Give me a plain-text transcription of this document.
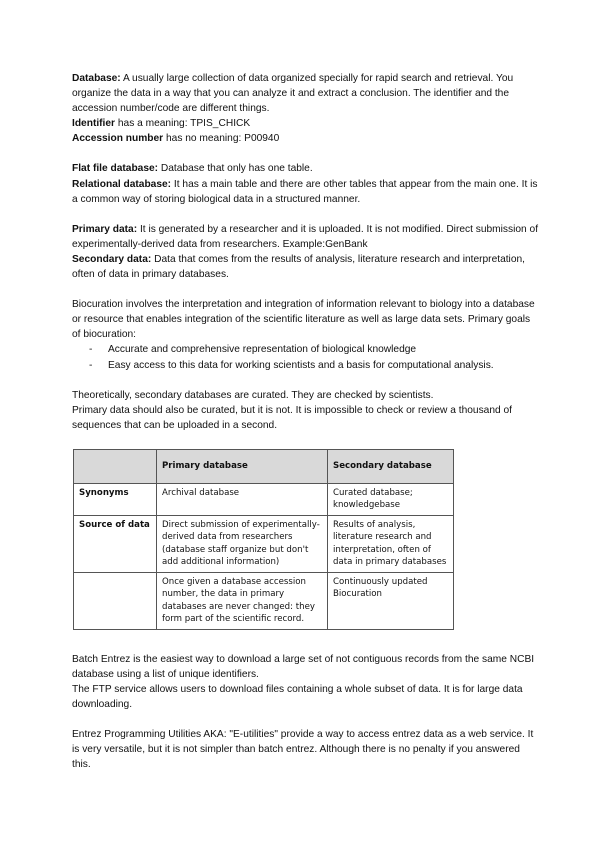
Database: A usually large collection of data organized specially for rapid search and retrieval. You organize the data in a way that you can analyze it and extract a conclusion. The identifier and the accession number/code are different things.

Identifier has a meaning: TPIS_CHICK

Accession number has no meaning: P00940

Flat file database: Database that only has one table.

Relational database: It has a main table and there are other tables that appear from the main one. It is a common way of storing biological data in a structured manner.

Primary data: It is generated by a researcher and it is uploaded. It is not modified. Direct submission of experimentally-derived data from researchers. Example:GenBank

Secondary data: Data that comes from the results of analysis, literature research and interpretation, often of data in primary databases.

Biocuration involves the interpretation and integration of information relevant to biology into a database or resource that enables integration of the scientific literature as well as large data sets. Primary goals of biocuration:

- Accurate and comprehensive representation of biological knowledge
- Easy access to this data for working scientists and a basis for computational analysis.

Theoretically, secondary databases are curated. They are checked by scientists.

Primary data should also be curated, but it is not. It is impossible to check or review a thousand of sequences that can be uploaded in a second.

	Primary database	Secondary database
Synonyms	Archival database	Curated database; knowledgebase
Source of data	Direct submission of experimentally-derived data from researchers (database staff organize but don't add additional information)	Results of analysis, literature research and interpretation, often of data in primary databases
	Once given a database accession number, the data in primary databases are never changed: they form part of the scientific record.	Continuously updated Biocuration

Batch Entrez is the easiest way to download a large set of not contiguous records from the same NCBI database using a list of unique identifiers.

The FTP service allows users to download files containing a whole subset of data. It is for large data downloading.

Entrez Programming Utilities AKA: "E-utilities" provide a way to access entrez data as a web service. It is very versatile, but it is not simpler than batch entrez. Although there is no penalty if you answered this.
